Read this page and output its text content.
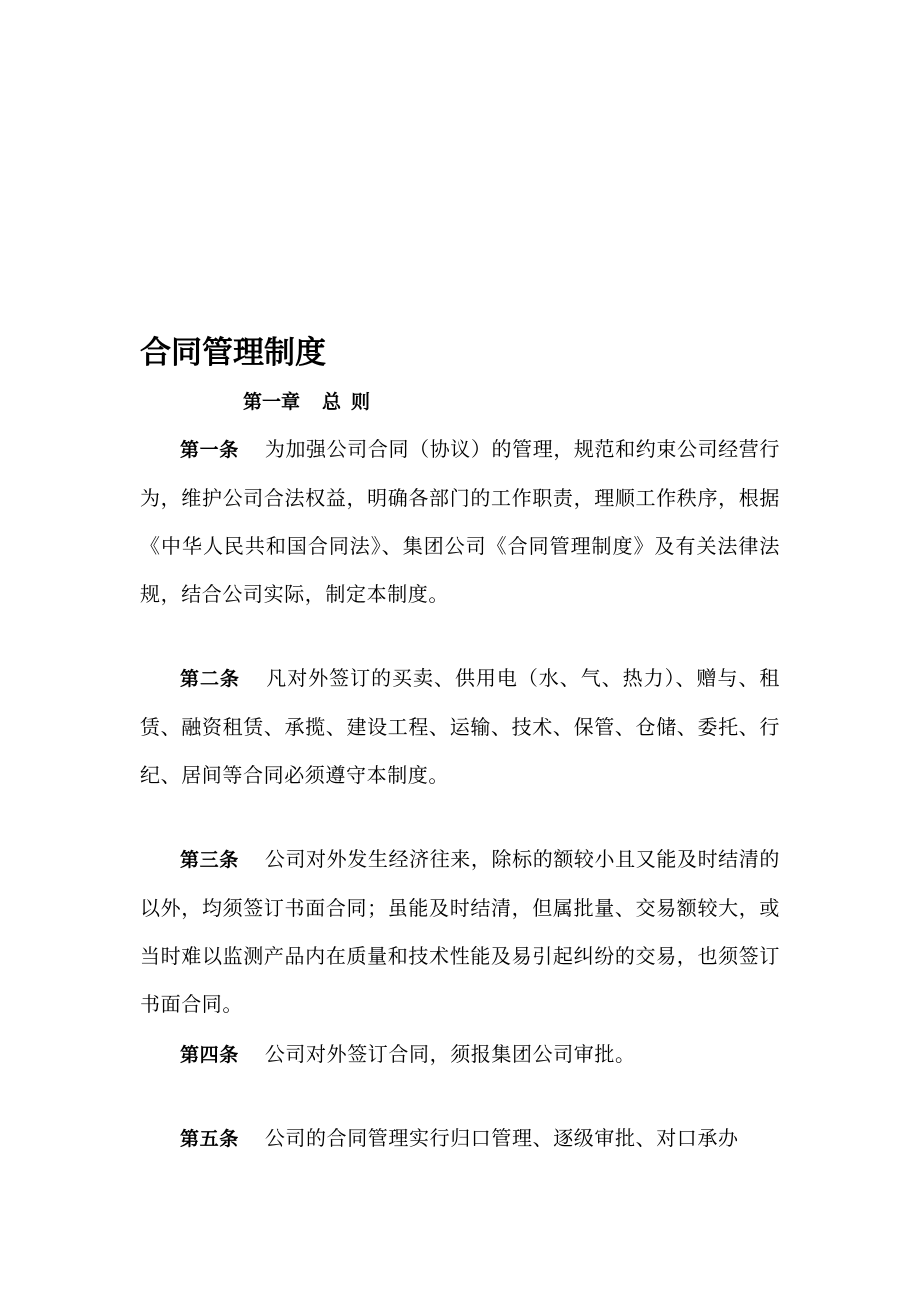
合同管理制度
第一章 总 则

第一条 为加强公司合同（协议）的管理，规范和约束公司经营行为，维护公司合法权益，明确各部门的工作职责，理顺工作秩序，根据《中华人民共和国合同法》、集团公司《合同管理制度》及有关法律法规，结合公司实际，制定本制度。

第二条 凡对外签订的买卖、供用电（水、气、热力）、赠与、租赁、融资租赁、承揽、建设工程、运输、技术、保管、仓储、委托、行纪、居间等合同必须遵守本制度。

第三条 公司对外发生经济往来，除标的额较小且又能及时结清的以外，均须签订书面合同；虽能及时结清，但属批量、交易额较大，或当时难以监测产品内在质量和技术性能及易引起纠纷的交易，也须签订书面合同。

第四条 公司对外签订合同，须报集团公司审批。

第五条 公司的合同管理实行归口管理、逐级审批、对口承办
